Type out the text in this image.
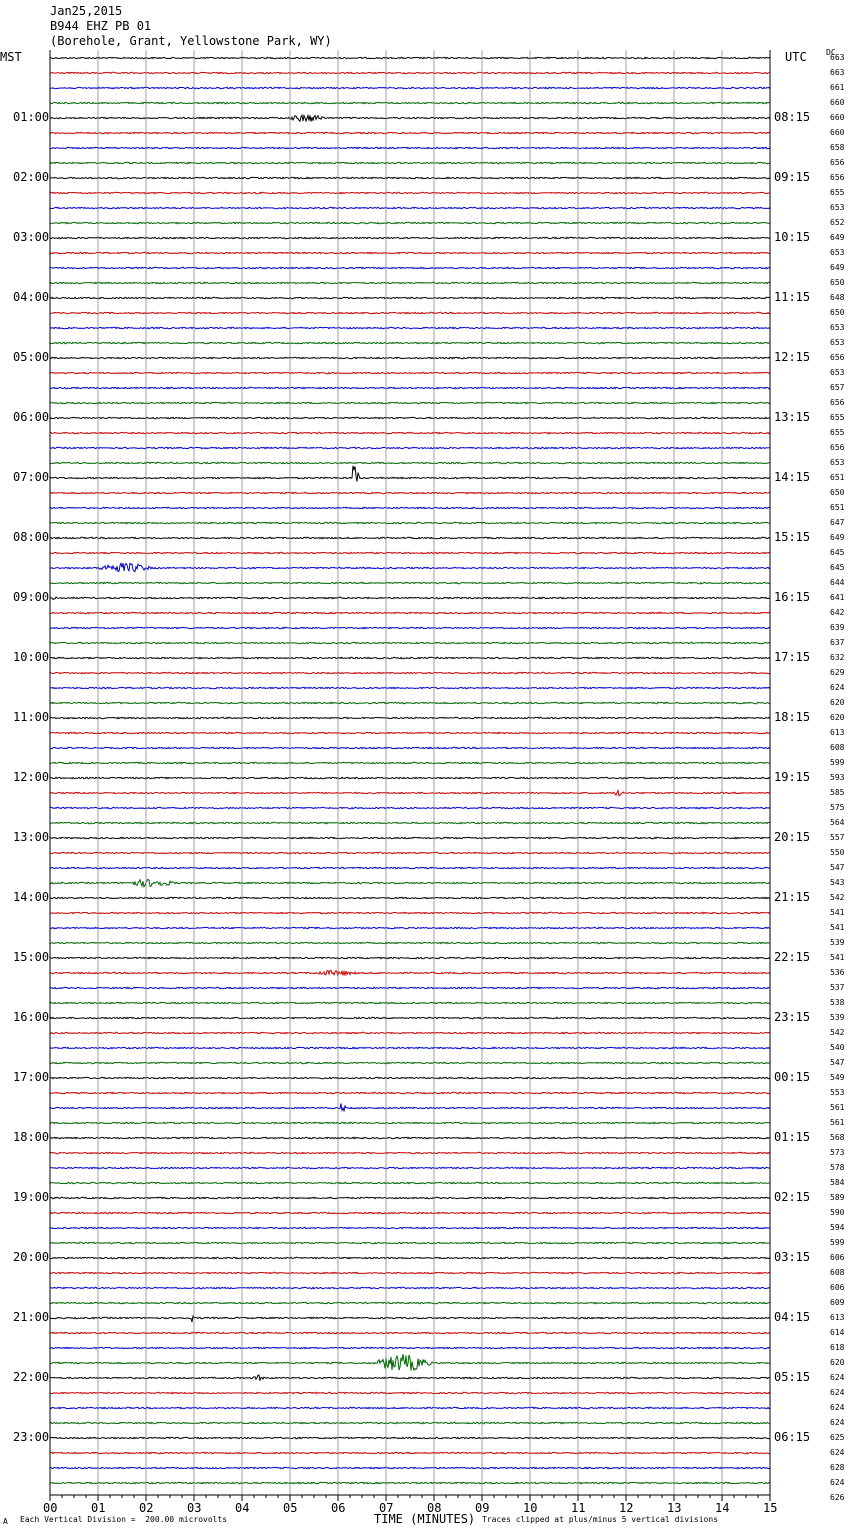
Jan25,2015
B944 EHZ PB 01
(Borehole, Grant, Yellowstone Park, WY)
MST	UTC DC
01:00
02:00
03:00
04:00
05:00
06:00
07:00
08:00
09:00
10:00
11:00
12:00
13:00
14:00
15:00
16:00
17:00
18:00
19:00
20:00
21:00
22:00
23:00
08:15
09:15
10:15
11:15
12:15
13:15
14:15
15:15
16:15
17:15
18:15
19:15
20:15
21:15
22:15
23:15
00:15
01:15
02:15
03:15
04:15
05:15
06:15
663
663
661
660
660
660
658
656
656
655
653
652
649
653
649
650
648
650
653
653
656
653
657
656
655
655
656
653
651
650
651
647
649
645
645
644
641
642
639
637
632
629
624
620
620
613
608
599
593
585
575
564
557
550
547
543
542
541
541
539
541
536
537
538
539
542
540
547
549
553
561
561
568
573
578
584
589
590
594
599
606
608
606
609
613
614
618
620
624
624
624
624
625
624
628
624
626
00	01	02	03	04	05	06	07	08	09	10	11	12	13	14	15
A Each Vertical Division =  200.00 microvolts	TIME (MINUTES) Traces clipped at plus/minus 5 vertical divisions
